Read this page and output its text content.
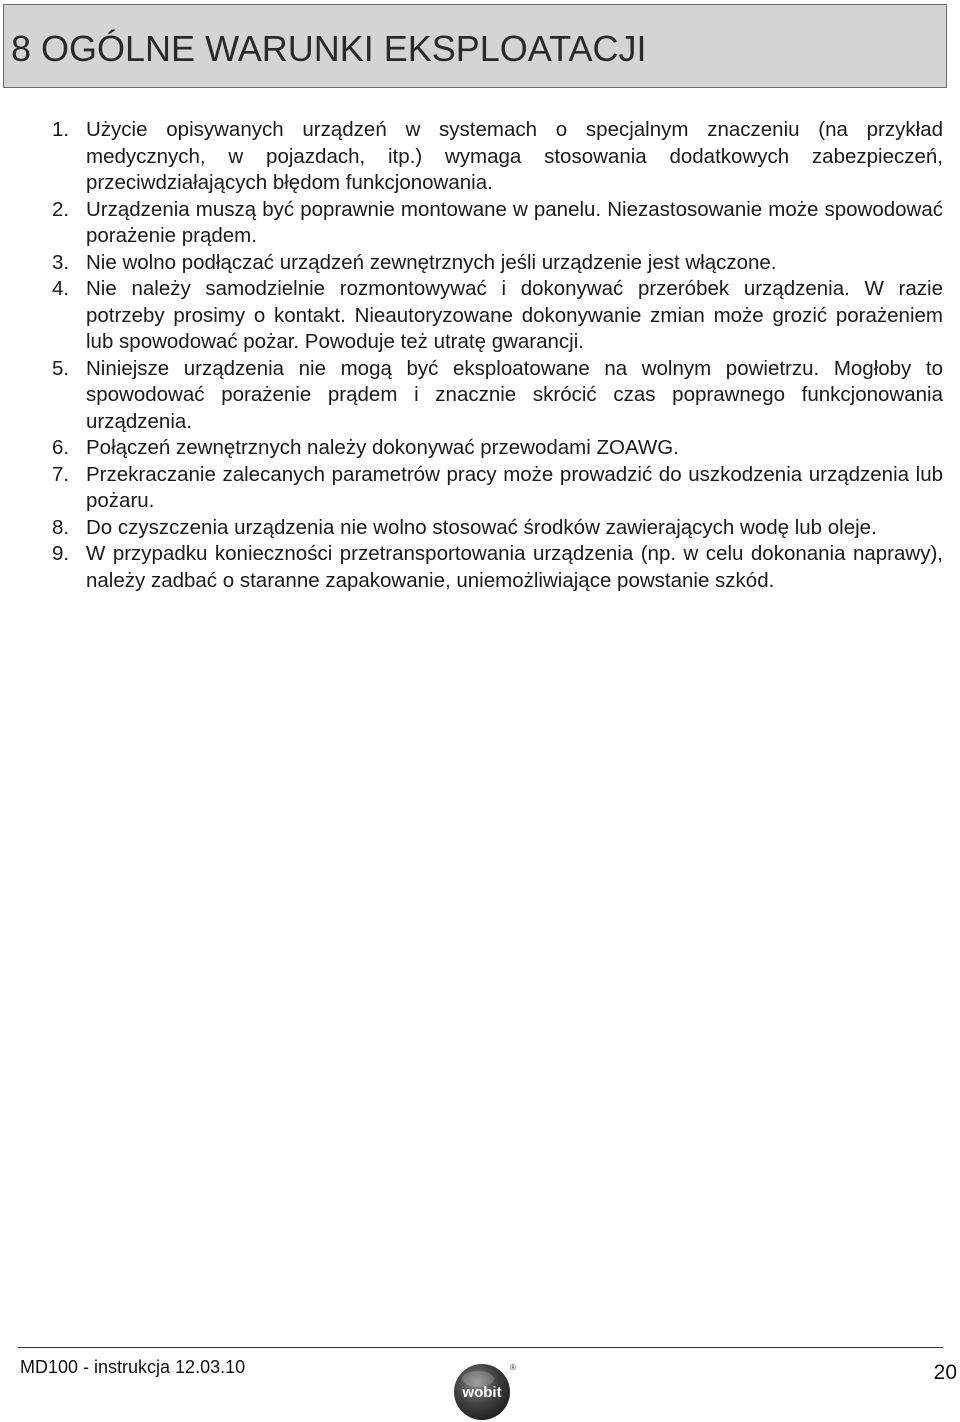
8 OGÓLNE WARUNKI EKSPLOATACJI
1. Użycie opisywanych urządzeń w systemach o specjalnym znaczeniu (na przykład medycznych, w pojazdach, itp.) wymaga stosowania dodatkowych zabezpieczeń, przeciwdziałających błędom funkcjonowania.
2. Urządzenia muszą być poprawnie montowane w panelu. Niezastosowanie może spowodować porażenie prądem.
3. Nie wolno podłączać urządzeń zewnętrznych jeśli urządzenie jest włączone.
4. Nie należy samodzielnie rozmontowywać i dokonywać przeróbek urządzenia. W razie potrzeby prosimy o kontakt. Nieautoryzowane dokonywanie zmian może grozić porażeniem lub spowodować pożar. Powoduje też utratę gwarancji.
5. Niniejsze urządzenia nie mogą być eksploatowane na wolnym powietrzu. Mogłoby to spowodować porażenie prądem i znacznie skrócić czas poprawnego funkcjonowania urządzenia.
6. Połączeń zewnętrznych należy dokonywać przewodami ZOAWG.
7. Przekraczanie zalecanych parametrów pracy może prowadzić do uszkodzenia urządzenia lub pożaru.
8. Do czyszczenia urządzenia nie wolno stosować środków zawierających wodę lub oleje.
9. W przypadku konieczności przetransportowania urządzenia (np. w celu dokonania naprawy), należy zadbać o staranne zapakowanie, uniemożliwiające powstanie szkód.
MD100 - instrukcja 12.03.10	20
wobit
®
